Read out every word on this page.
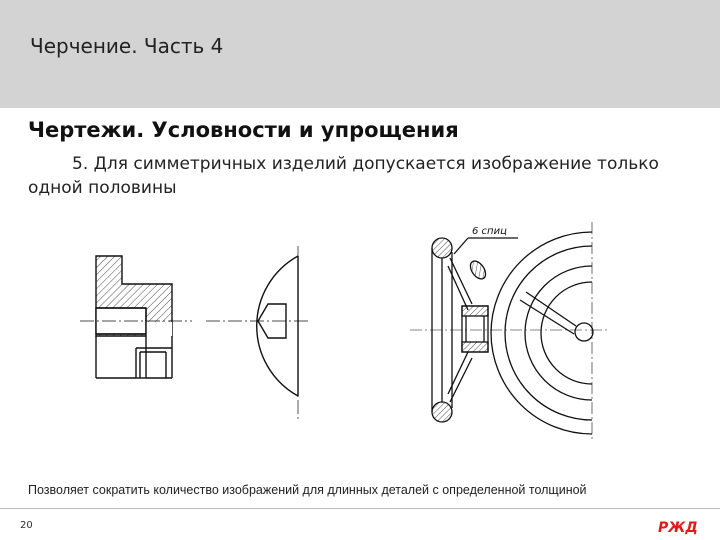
Черчение. Часть 4
Чертежи. Условности и упрощения
5. Для симметричных изделий допускается изображение только одной половины
6 спиц
Позволяет сократить количество изображений для длинных деталей с определенной толщиной
20	РЖД
